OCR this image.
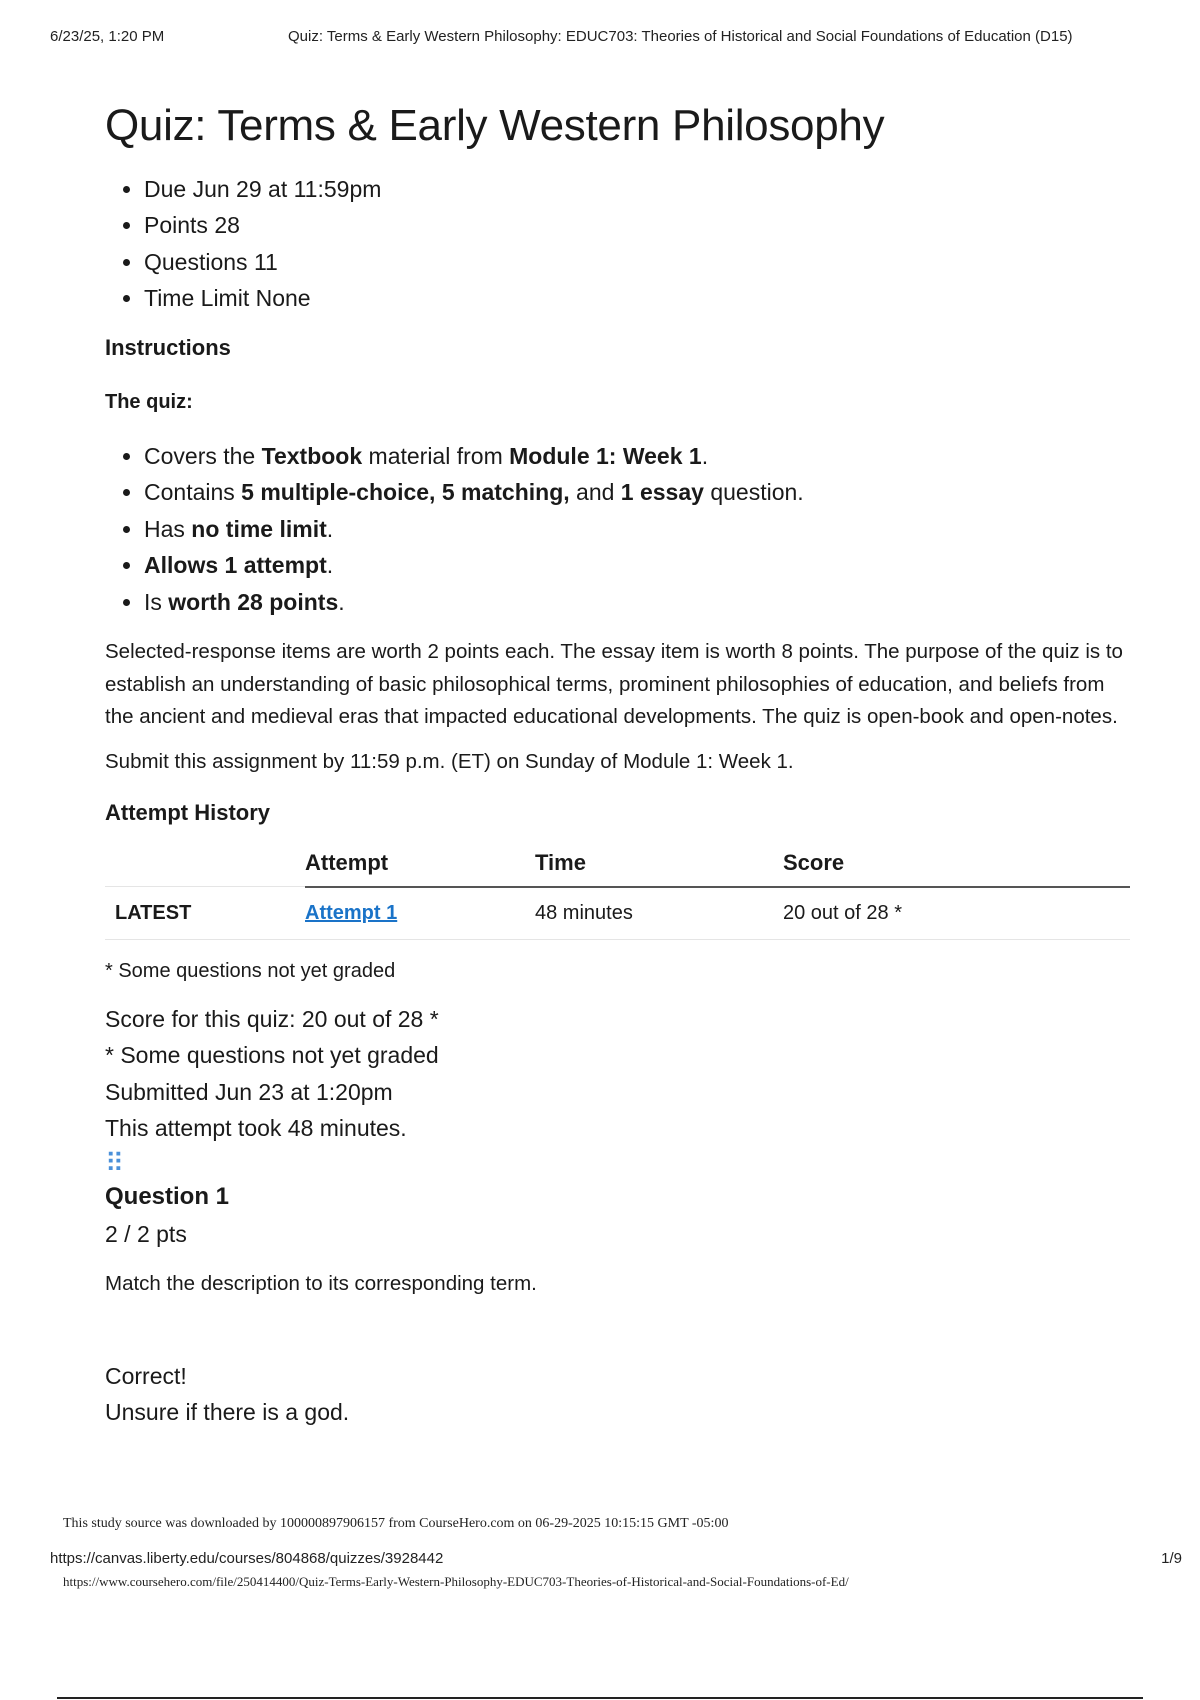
6/23/25, 1:20 PM	Quiz: Terms & Early Western Philosophy: EDUC703: Theories of Historical and Social Foundations of Education (D15)
Quiz: Terms & Early Western Philosophy
• Due Jun 29 at 11:59pm
• Points 28
• Questions 11
• Time Limit None
Instructions
The quiz:
• Covers the Textbook material from Module 1: Week 1.
• Contains 5 multiple-choice, 5 matching, and 1 essay question.
• Has no time limit.
• Allows 1 attempt.
• Is worth 28 points.

Selected-response items are worth 2 points each. The essay item is worth 8 points. The purpose of the quiz is to establish an understanding of basic philosophical terms, prominent philosophies of education, and beliefs from the ancient and medieval eras that impacted educational developments. The quiz is open-book and open-notes.

Submit this assignment by 11:59 p.m. (ET) on Sunday of Module 1: Week 1.

Attempt History
	Attempt	Time	Score
LATEST	Attempt 1	48 minutes	20 out of 28 *
* Some questions not yet graded
Score for this quiz: 20 out of 28 *
* Some questions not yet graded
Submitted Jun 23 at 1:20pm
This attempt took 48 minutes.
⠿
Question 1
2 / 2 pts
Match the description to its corresponding term.
Correct!
Unsure if there is a god.
This study source was downloaded by 100000897906157 from CourseHero.com on 06-29-2025 10:15:15 GMT -05:00
https://canvas.liberty.edu/courses/804868/quizzes/3928442	1/9
https://www.coursehero.com/file/250414400/Quiz-Terms-Early-Western-Philosophy-EDUC703-Theories-of-Historical-and-Social-Foundations-of-Ed/
